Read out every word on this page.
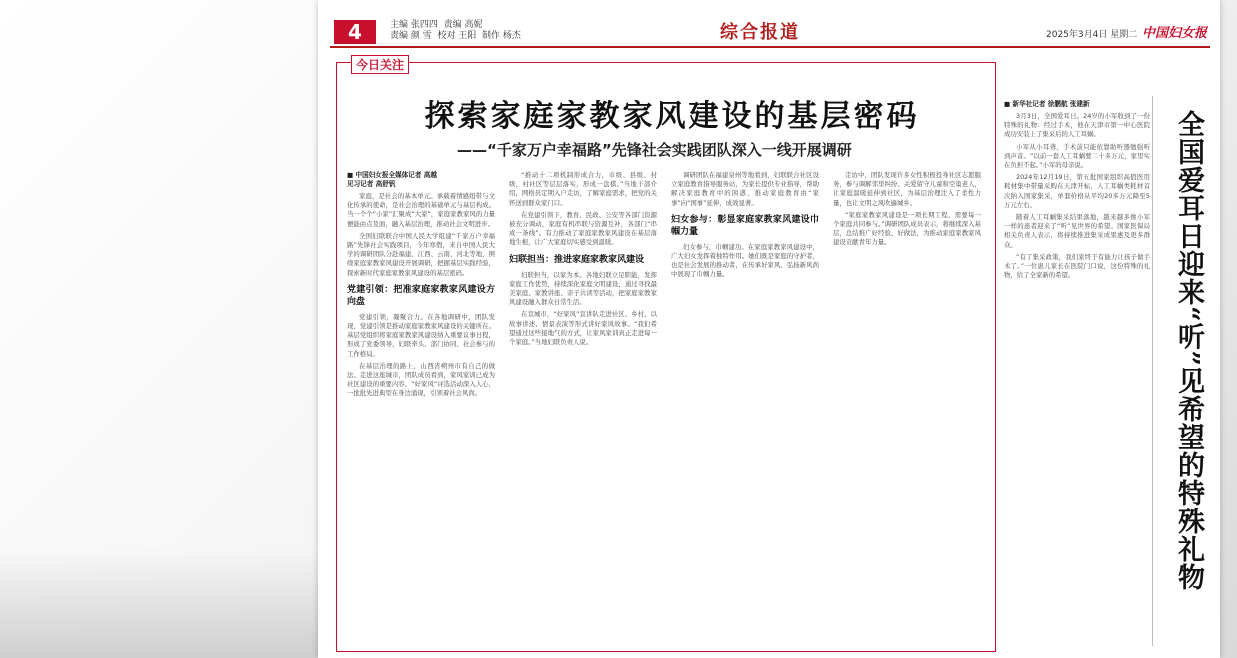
4	主编 张四四  责编 高妮
责编 颜 雪  校对 王阳  制作 杨杰	综合报道	2025年3月4日 星期二 中国妇女报
今日关注
探索家庭家教家风建设的基层密码
——“千家万户幸福路”先锋社会实践团队深入一线开展调研

■ 中国妇女报全媒体记者 高越
见习记者 高舒钒

家庭，是社会的基本单元。承载着情感纽带与文化传承的使命，是社会治理的基础单元与基层构成。当一个个“小家”汇聚成“大家”，家庭家教家风的力量便能由点及面，融入基层治理，推动社会文明进步。

全国妇联联合中国人民大学组建“千家万户幸福路”先锋社会实践项目，今年寒假，来自中国人民大学的调研团队分赴福建、江西、云南、河北等地，围绕家庭家教家风建设开展调研，把握基层实践经验，探索新时代家庭家教家风建设的基层密码。

党建引领：把准家庭家教家风建设方向盘

党建引领，凝聚合力。在各地调研中，团队发现，党建引领是推动家庭家教家风建设的关键所在。基层党组织将家庭家教家风建设纳入重要议事日程，形成了党委领导、妇联牵头、部门协同、社会参与的工作格局。

在基层治理的路上，山西省朔州市有自己的做法。走进这座城市，团队成员看到，家风家训已成为社区建设的重要内容，“好家风”评选活动深入人心，一批批先进典型在身边涌现，引领着社会风尚。

“推动十二项机制形成合力，市级、县级、村级，村社区等层层落实，形成一盘棋。”当地干部介绍，网格员定期入户走访，了解家庭需求，把党的关怀送到群众家门口。

在党建引领下，教育、民政、公安等各部门资源被充分调动，家庭有机串联与资源互补，各部门“串成一条线”。有力推动了家庭家教家风建设在基层落地生根，让广大家庭切实感受到温暖。

妇联担当：推进家庭家教家风建设

妇联担当，以家为本。各地妇联立足职能，发挥家庭工作优势，持续深化家庭文明建设，通过寻找最美家庭、家教讲座、亲子共读等活动，把家庭家教家风建设融入群众日常生活。

在宣城市，“好家风”宣讲队走进社区、乡村，以故事讲述、情景表演等形式讲好家风故事。“我们希望通过这些接地气的方式，让家风家训真正走进每一个家庭。”当地妇联负责人说。

调研团队在福建泉州等地看到，妇联联合社区设立家庭教育指导服务站，为家长提供专业指导，帮助解决家庭教育中的困惑，推动家庭教育由“家事”向“国事”延伸，成效显著。

妇女参与：彰显家庭家教家风建设巾帼力量

妇女参与，巾帼建功。在家庭家教家风建设中，广大妇女发挥着独特作用。她们既是家庭的守护者，也是社会发展的推动者，在传承好家风、弘扬新风尚中展现了巾帼力量。

走访中，团队发现许多女性积极投身社区志愿服务，参与调解邻里纠纷、关爱留守儿童和空巢老人，让家庭温暖延伸到社区，为基层治理注入了柔性力量，也让文明之风吹遍城乡。

“家庭家教家风建设是一项长期工程，需要每一个家庭共同参与。”调研团队成员表示，将继续深入基层，总结推广好经验、好做法，为推动家庭家教家风建设贡献青年力量。

■ 新华社记者 徐鹏航 张建新

3月3日，全国爱耳日。24岁的小军收到了一份特殊的礼物：经过手术，他在天津市第一中心医院成功安装上了集采后的人工耳蜗。

小军从小耳聋，手术前只能依靠助听器勉强听到声音。“以前一套人工耳蜗要二十多万元，家里实在负担不起。”小军的母亲说。

2024年12月19日，第五批国家组织高值医用耗材集中带量采购在天津开标，人工耳蜗类耗材首次纳入国家集采，单套价格从平均20多万元降至5万元左右。

随着人工耳蜗集采结果落地，越来越多像小军一样的患者迎来了“听”见世界的希望。国家医保局相关负责人表示，将持续推进集采成果惠及更多群众。

“有了集采政策，我们家终于有能力让孩子做手术了。”一位患儿家长在医院门口说，这份特殊的礼物，给了全家新的希望。	全国爱耳日迎来“听”见希望的特殊礼物
